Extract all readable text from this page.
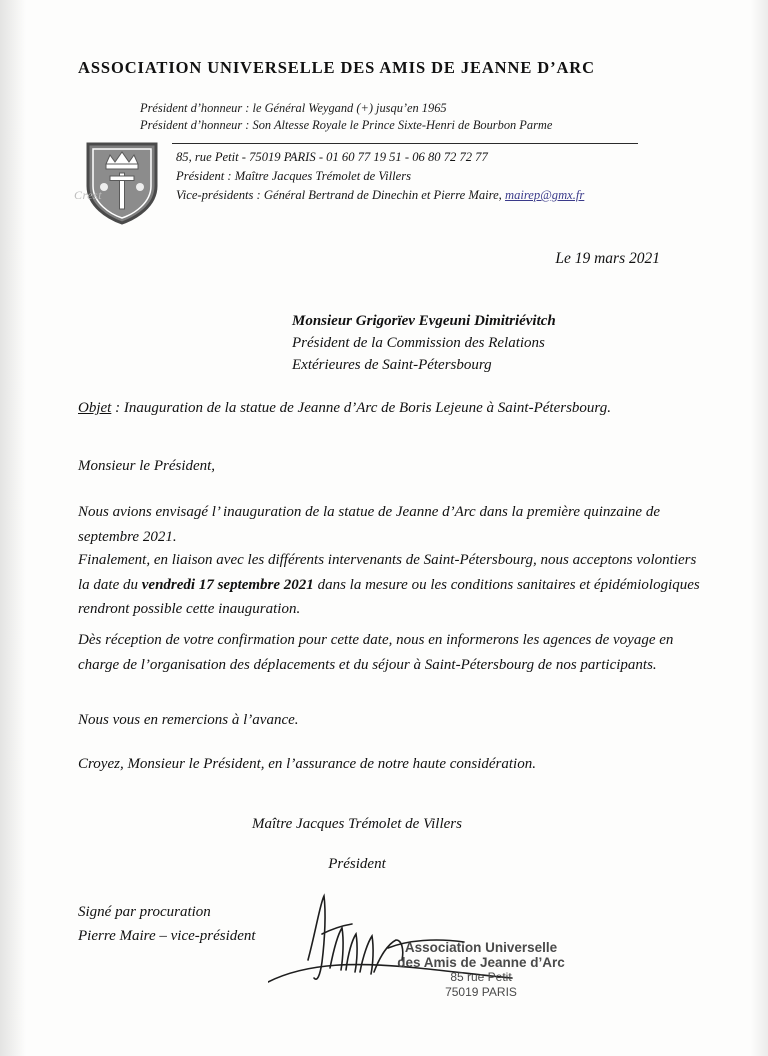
ASSOCIATION UNIVERSELLE DES AMIS DE JEANNE D’ARC
Président d’honneur : le Général Weygand (+) jusqu’en 1965
Président d’honneur : Son Altesse Royale le Prince Sixte-Henri de Bourbon Parme
Crest
85, rue Petit - 75019 PARIS - 01 60 77 19 51 - 06 80 72 72 77
Président : Maître Jacques Trémolet de Villers
Vice-présidents : Général Bertrand de Dinechin et Pierre Maire, mairep@gmx.fr
Le 19 mars 2021
Monsieur Grigorïev Evgeuni Dimitriévitch
Président de la Commission des Relations
Extérieures de Saint-Pétersbourg
Objet : Inauguration de la statue de Jeanne d’Arc de Boris Lejeune à Saint-Pétersbourg.
Monsieur le Président,
Nous avions envisagé l’ inauguration de la statue de Jeanne d’Arc dans la première quinzaine de septembre 2021.
Finalement, en liaison avec les différents intervenants de Saint-Pétersbourg, nous acceptons volontiers la date du vendredi 17 septembre 2021 dans la mesure ou les conditions sanitaires et épidémiologiques rendront possible cette inauguration.
Dès réception de votre confirmation pour cette date, nous en informerons les agences de voyage en charge de l’organisation des déplacements et du séjour à Saint-Pétersbourg de nos participants.
Nous vous en remercions à l’avance.
Croyez, Monsieur le Président, en l’assurance de notre haute considération.
Maître Jacques Trémolet de Villers
Président
Signé par procuration
Pierre Maire – vice-président
Association Universelle
des Amis de Jeanne d’Arc
85 rue Petit
75019 PARIS
